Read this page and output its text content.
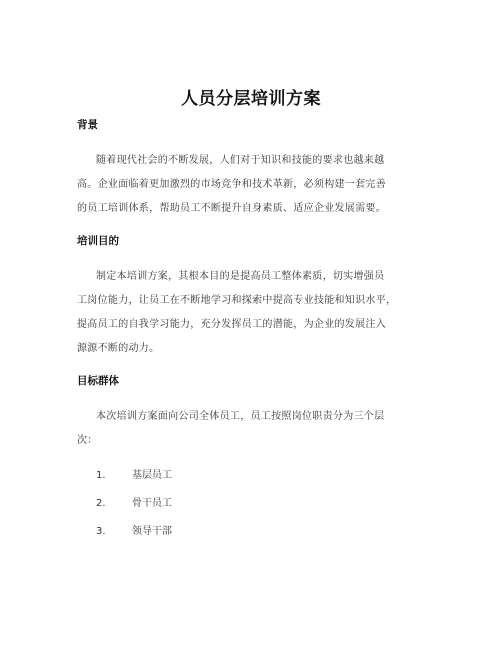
人员分层培训方案
背景
随着现代社会的不断发展，人们对于知识和技能的要求也越来越
高。企业面临着更加激烈的市场竞争和技术革新，必须构建一套完善
的员工培训体系，帮助员工不断提升自身素质、适应企业发展需要。
培训目的
制定本培训方案，其根本目的是提高员工整体素质，切实增强员
工岗位能力，让员工在不断地学习和探索中提高专业技能和知识水平，
提高员工的自我学习能力，充分发挥员工的潜能，为企业的发展注入
源源不断的动力。
目标群体
本次培训方案面向公司全体员工，员工按照岗位职责分为三个层
次：
1.	基层员工
2.	骨干员工
3.	领导干部
